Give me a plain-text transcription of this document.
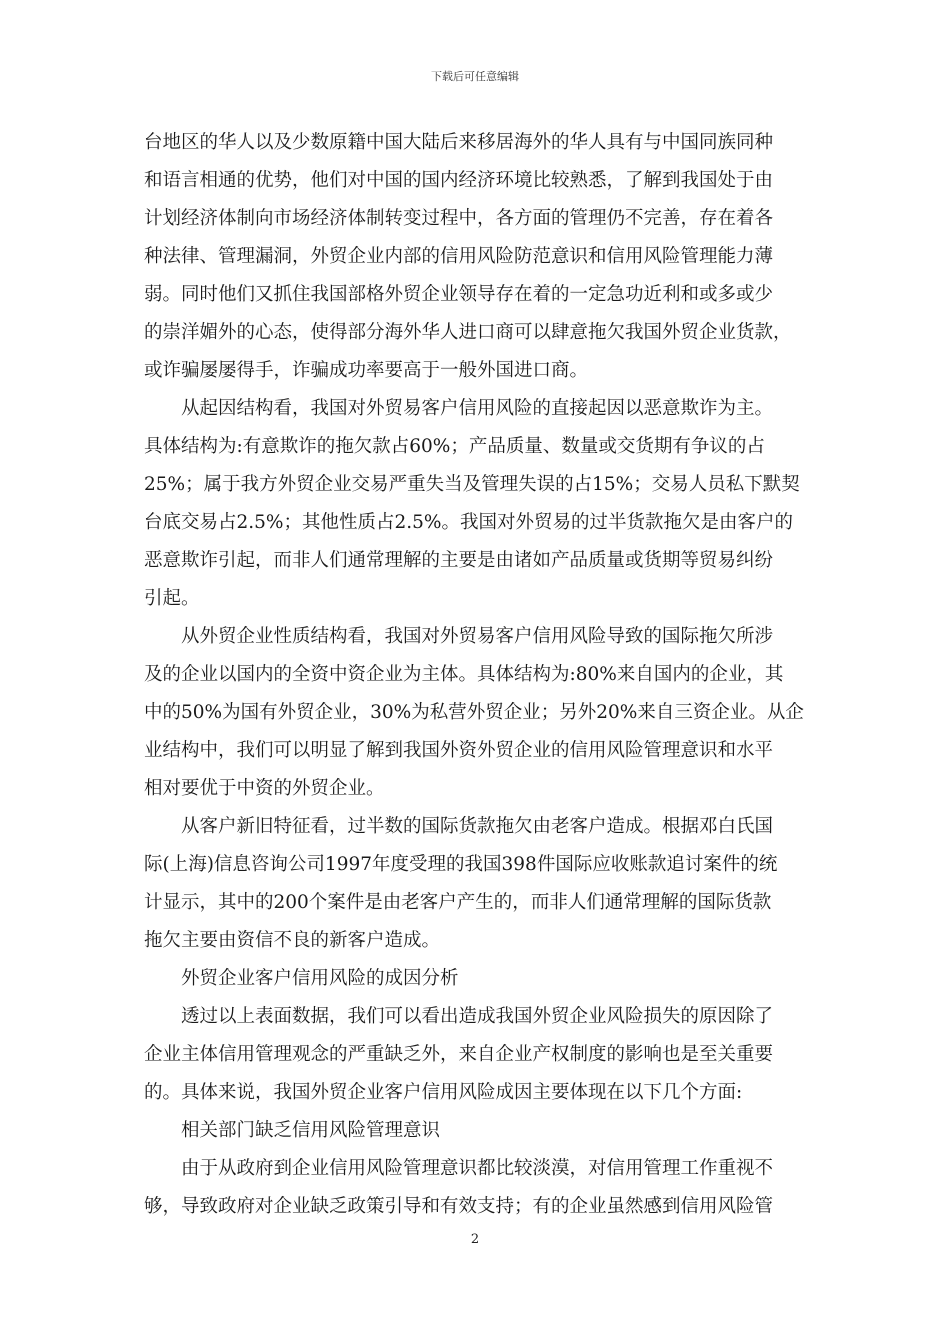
下载后可任意编辑
台地区的华人以及少数原籍中国大陆后来移居海外的华人具有与中国同族同种
和语言相通的优势，他们对中国的国内经济环境比较熟悉，了解到我国处于由
计划经济体制向市场经济体制转变过程中，各方面的管理仍不完善，存在着各
种法律、管理漏洞，外贸企业内部的信用风险防范意识和信用风险管理能力薄
弱。同时他们又抓住我国部格外贸企业领导存在着的一定急功近利和或多或少
的崇洋媚外的心态，使得部分海外华人进口商可以肆意拖欠我国外贸企业货款，
或诈骗屡屡得手，诈骗成功率要高于一般外国进口商。
从起因结构看，我国对外贸易客户信用风险的直接起因以恶意欺诈为主。
具体结构为:有意欺诈的拖欠款占60%；产品质量、数量或交货期有争议的占
25%；属于我方外贸企业交易严重失当及管理失误的占15%；交易人员私下默契
台底交易占2.5%；其他性质占2.5%。我国对外贸易的过半货款拖欠是由客户的
恶意欺诈引起，而非人们通常理解的主要是由诸如产品质量或货期等贸易纠纷
引起。
从外贸企业性质结构看，我国对外贸易客户信用风险导致的国际拖欠所涉
及的企业以国内的全资中资企业为主体。具体结构为:80%来自国内的企业，其
中的50%为国有外贸企业，30%为私营外贸企业；另外20%来自三资企业。从企
业结构中，我们可以明显了解到我国外资外贸企业的信用风险管理意识和水平
相对要优于中资的外贸企业。
从客户新旧特征看，过半数的国际货款拖欠由老客户造成。根据邓白氏国
际(上海)信息咨询公司1997年度受理的我国398件国际应收账款追讨案件的统
计显示，其中的200个案件是由老客户产生的，而非人们通常理解的国际货款
拖欠主要由资信不良的新客户造成。
外贸企业客户信用风险的成因分析
透过以上表面数据，我们可以看出造成我国外贸企业风险损失的原因除了
企业主体信用管理观念的严重缺乏外，来自企业产权制度的影响也是至关重要
的。具体来说，我国外贸企业客户信用风险成因主要体现在以下几个方面:
相关部门缺乏信用风险管理意识
由于从政府到企业信用风险管理意识都比较淡漠，对信用管理工作重视不
够，导致政府对企业缺乏政策引导和有效支持；有的企业虽然感到信用风险管
2
